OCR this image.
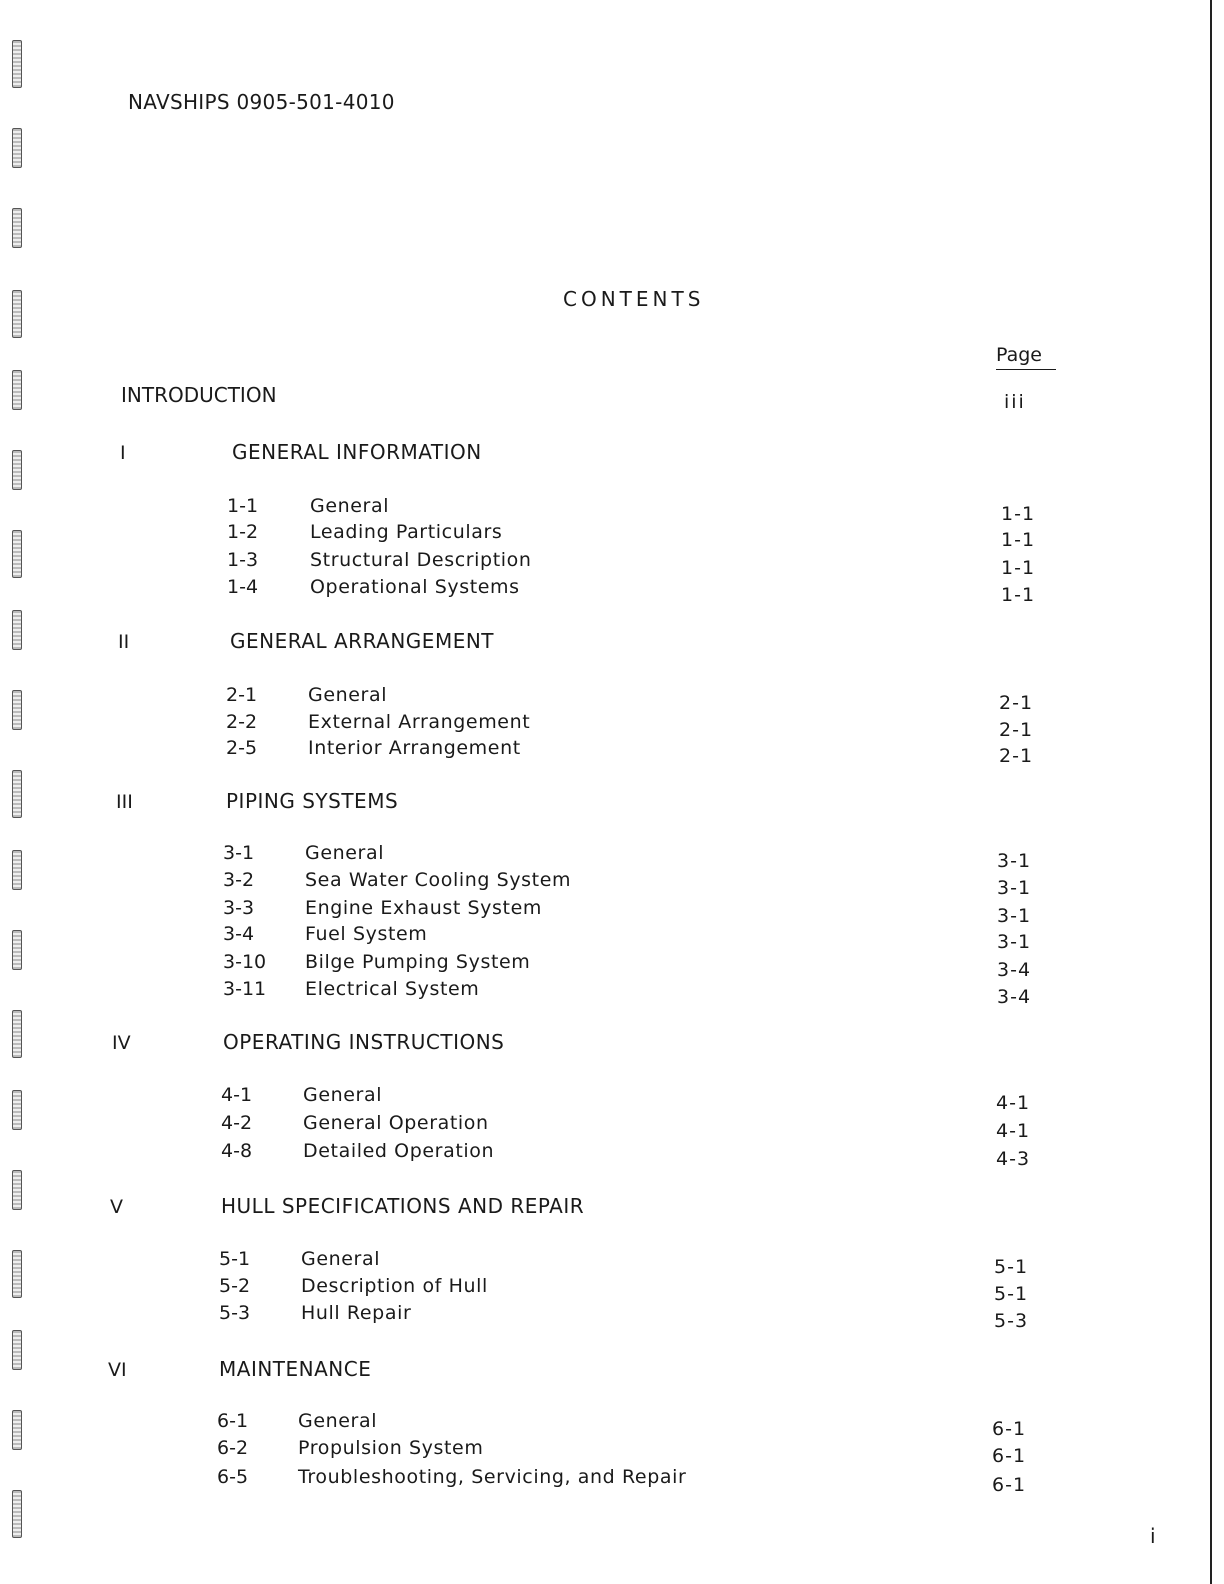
NAVSHIPS 0905-501-4010
CONTENTS
Page
INTRODUCTION	iii
I	GENERAL INFORMATION
1-1	General	1-1
1-2	Leading Particulars	1-1
1-3	Structural Description	1-1
1-4	Operational Systems	1-1
II	GENERAL ARRANGEMENT
2-1	General	2-1
2-2	External Arrangement	2-1
2-5	Interior Arrangement	2-1
III	PIPING SYSTEMS
3-1	General	3-1
3-2	Sea Water Cooling System	3-1
3-3	Engine Exhaust System	3-1
3-4	Fuel System	3-1
3-10 Bilge Pumping System	3-4
3-11 Electrical System	3-4
IV	OPERATING INSTRUCTIONS
4-1	General	4-1
4-2	General Operation	4-1
4-8	Detailed Operation	4-3
V	HULL SPECIFICATIONS AND REPAIR
5-1	General	5-1
5-2	Description of Hull	5-1
5-3	Hull Repair	5-3
VI	MAINTENANCE
6-1	General	6-1
6-2	Propulsion System	6-1
6-5	Troubleshooting, Servicing, and Repair	6-1
i
